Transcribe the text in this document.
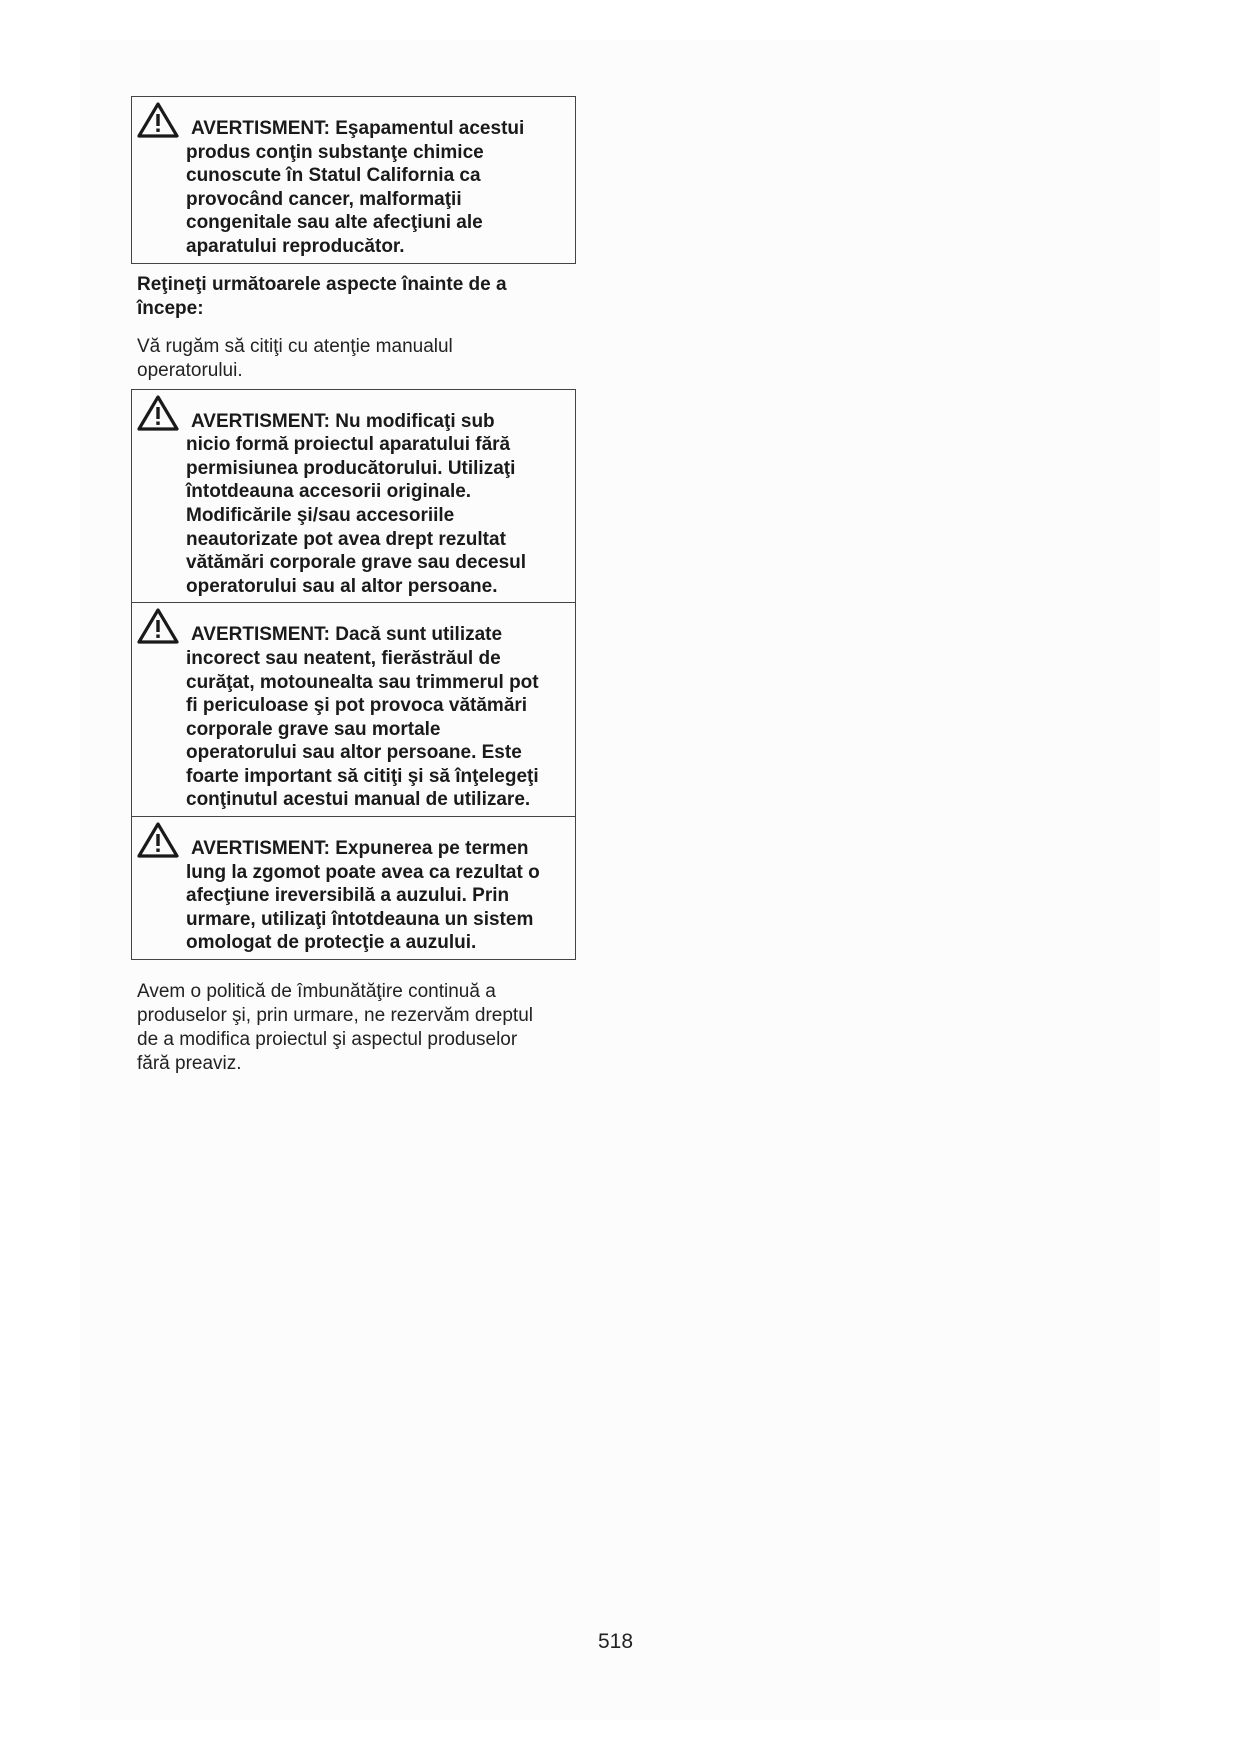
AVERTISMENT: Eşapamentul acestui
produs conţin substanţe chimice
cunoscute în Statul California ca
provocând cancer, malformaţii
congenitale sau alte afecţiuni ale
aparatului reproducător.
Reţineţi următoarele aspecte înainte de a
începe:
Vă rugăm să citiţi cu atenţie manualul
operatorului.
AVERTISMENT: Nu modificaţi sub
nicio formă proiectul aparatului fără
permisiunea producătorului. Utilizaţi
întotdeauna accesorii originale.
Modificările şi/sau accesoriile
neautorizate pot avea drept rezultat
vătămări corporale grave sau decesul
operatorului sau al altor persoane.
AVERTISMENT: Dacă sunt utilizate
incorect sau neatent, fierăstrăul de
curăţat, motounealta sau trimmerul pot
fi periculoase şi pot provoca vătămări
corporale grave sau mortale
operatorului sau altor persoane. Este
foarte important să citiţi şi să înţelegeţi
conţinutul acestui manual de utilizare.
AVERTISMENT: Expunerea pe termen
lung la zgomot poate avea ca rezultat o
afecţiune ireversibilă a auzului. Prin
urmare, utilizaţi întotdeauna un sistem
omologat de protecţie a auzului.
Avem o politică de îmbunătăţire continuă a
produselor şi, prin urmare, ne rezervăm dreptul
de a modifica proiectul şi aspectul produselor
fără preaviz.
518
